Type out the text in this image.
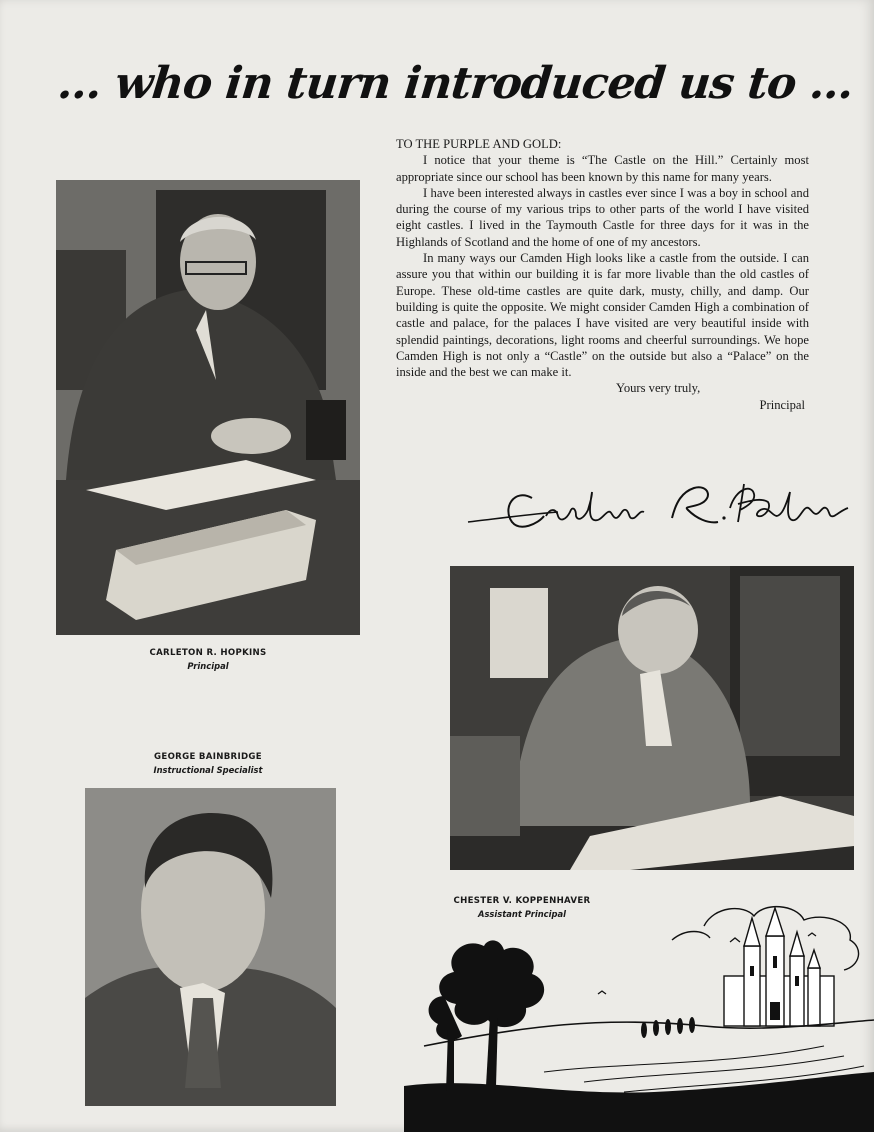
... who in turn introduced us to ...

TO THE PURPLE AND GOLD:

I notice that your theme is “The Castle on the Hill.” Certainly most appropriate since our school has been known by this name for many years.

I have been interested always in castles ever since I was a boy in school and during the course of my various trips to other parts of the world I have visited eight castles. I lived in the Taymouth Castle for three days for it was in the Highlands of Scotland and the home of one of my ancestors.

In many ways our Camden High looks like a castle from the outside. I can assure you that within our building it is far more livable than the old castles of Europe. These old-time castles are quite dark, musty, chilly, and damp. Our building is quite the opposite. We might consider Camden High a combination of castle and palace, for the palaces I have visited are very beautiful inside with splendid paintings, decorations, light rooms and cheerful surroundings. We hope Camden High is not only a “Castle” on the outside but also a “Palace” on the inside and the best we can make it.

Yours very truly,

Principal

CARLETON R. HOPKINS
Principal
GEORGE BAINBRIDGE
Instructional Specialist
CHESTER V. KOPPENHAVER
Assistant Principal
